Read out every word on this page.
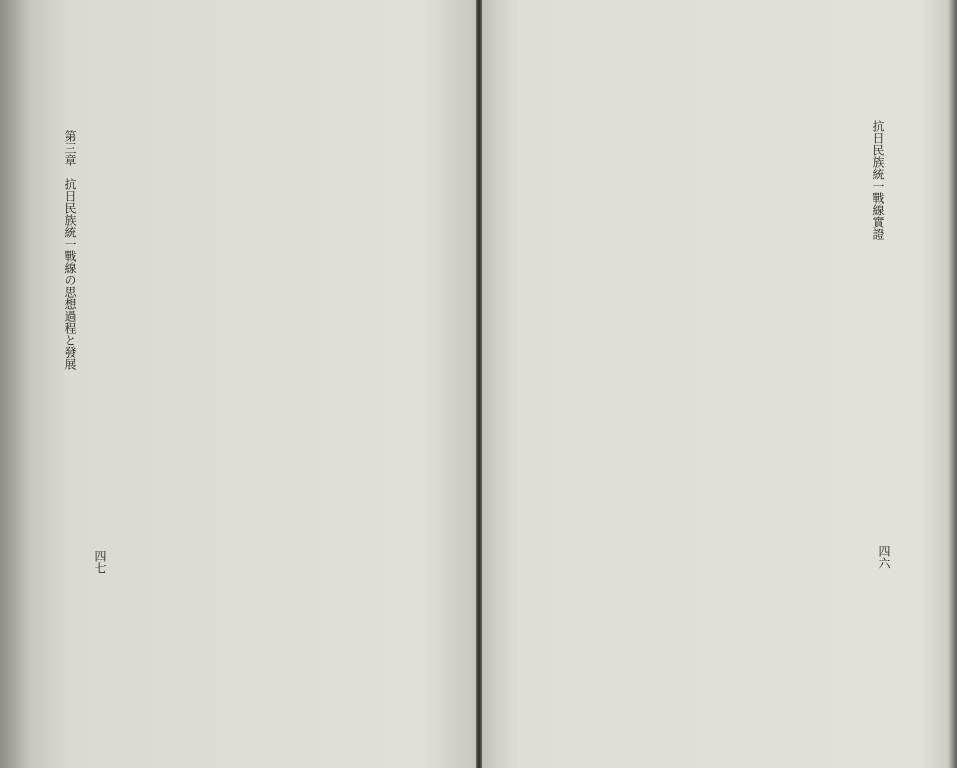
第三章　抗日民族統一戰線の思想過程と發展
四七
抗日民族統一戰線實證
四六
